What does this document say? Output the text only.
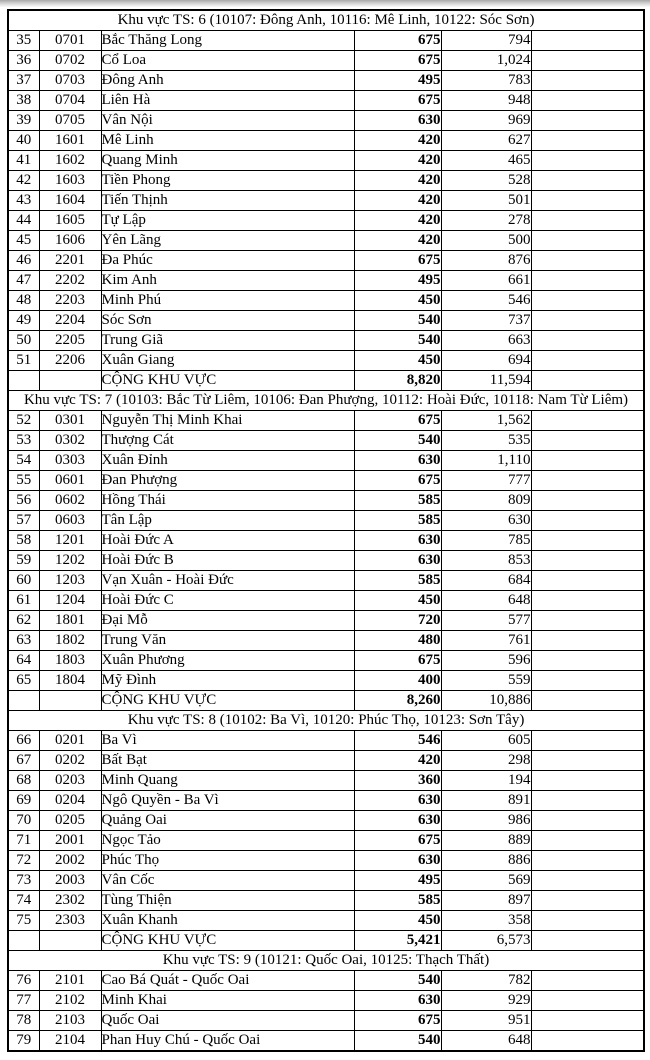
Khu vực TS: 6 (10107: Đông Anh, 10116: Mê Linh, 10122: Sóc Sơn)					
35	0701	Bắc Thăng Long	675	794	
36	0702	Cổ Loa	675	1,024	
37	0703	Đông Anh	495	783	
38	0704	Liên Hà	675	948	
39	0705	Vân Nội	630	969	
40	1601	Mê Linh	420	627	
41	1602	Quang Minh	420	465	
42	1603	Tiền Phong	420	528	
43	1604	Tiến Thịnh	420	501	
44	1605	Tự Lập	420	278	
45	1606	Yên Lãng	420	500	
46	2201	Đa Phúc	675	876	
47	2202	Kim Anh	495	661	
48	2203	Minh Phú	450	546	
49	2204	Sóc Sơn	540	737	
50	2205	Trung Giã	540	663	
51	2206	Xuân Giang	450	694	
		CỘNG KHU VỰC	8,820	11,594	
Khu vực TS: 7 (10103: Bắc Từ Liêm, 10106: Đan Phượng, 10112: Hoài Đức, 10118: Nam Từ Liêm)					
52	0301	Nguyễn Thị Minh Khai	675	1,562	
53	0302	Thượng Cát	540	535	
54	0303	Xuân Đỉnh	630	1,110	
55	0601	Đan Phượng	675	777	
56	0602	Hồng Thái	585	809	
57	0603	Tân Lập	585	630	
58	1201	Hoài Đức A	630	785	
59	1202	Hoài Đức B	630	853	
60	1203	Vạn Xuân - Hoài Đức	585	684	
61	1204	Hoài Đức C	450	648	
62	1801	Đại Mỗ	720	577	
63	1802	Trung Văn	480	761	
64	1803	Xuân Phương	675	596	
65	1804	Mỹ Đình	400	559	
		CỘNG KHU VỰC	8,260	10,886	
Khu vực TS: 8 (10102: Ba Vì, 10120: Phúc Thọ, 10123: Sơn Tây)					
66	0201	Ba Vì	546	605	
67	0202	Bất Bạt	420	298	
68	0203	Minh Quang	360	194	
69	0204	Ngô Quyền - Ba Vì	630	891	
70	0205	Quảng Oai	630	986	
71	2001	Ngọc Tảo	675	889	
72	2002	Phúc Thọ	630	886	
73	2003	Vân Cốc	495	569	
74	2302	Tùng Thiện	585	897	
75	2303	Xuân Khanh	450	358	
		CỘNG KHU VỰC	5,421	6,573	
Khu vực TS: 9 (10121: Quốc Oai, 10125: Thạch Thất)					
76	2101	Cao Bá Quát - Quốc Oai	540	782	
77	2102	Minh Khai	630	929	
78	2103	Quốc Oai	675	951	
79	2104	Phan Huy Chú - Quốc Oai	540	648	
